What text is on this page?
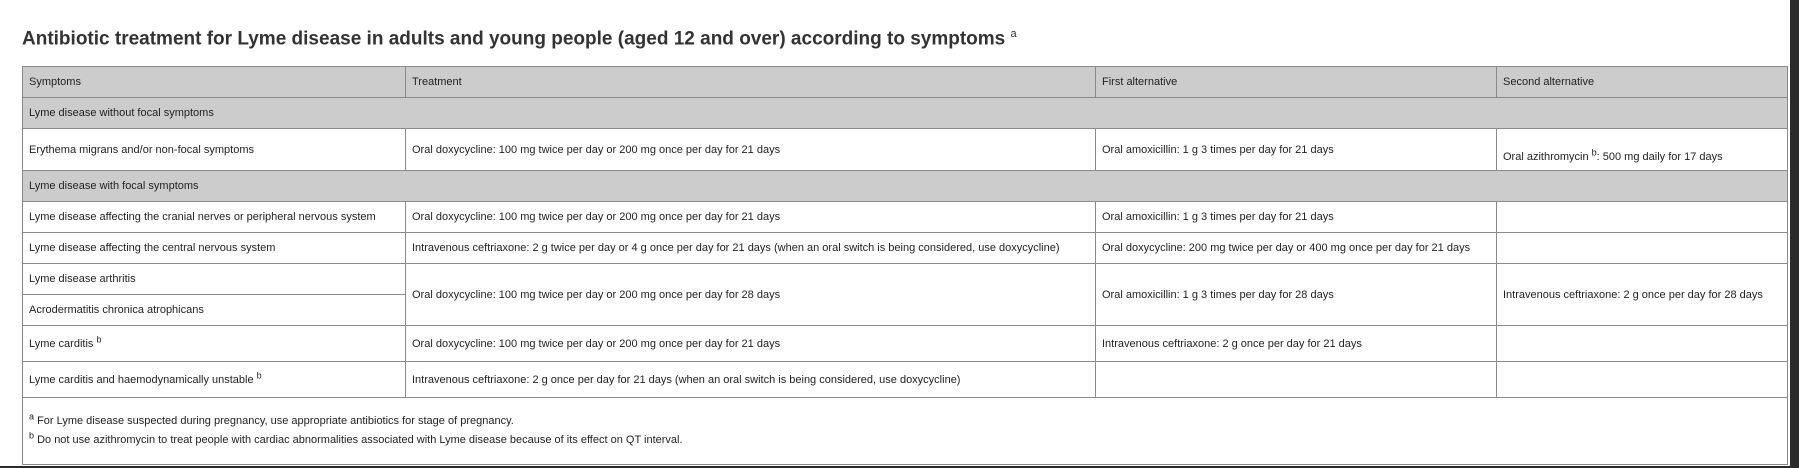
Antibiotic treatment for Lyme disease in adults and young people (aged 12 and over) according to symptoms $^a$
Symptoms	Treatment	First alternative	Second alternative
Lyme disease without focal symptoms			
Erythema migrans and/or non-focal symptoms	Oral doxycycline: 100 mg twice per day or 200 mg once per day for 21 days	Oral amoxicillin: 1 g 3 times per day for 21 days	Oral azithromycin $^b$: 500 mg daily for 17 days
Lyme disease with focal symptoms			
Lyme disease affecting the cranial nerves or peripheral nervous system	Oral doxycycline: 100 mg twice per day or 200 mg once per day for 21 days	Oral amoxicillin: 1 g 3 times per day for 21 days	
Lyme disease affecting the central nervous system	Intravenous ceftriaxone: 2 g twice per day or 4 g once per day for 21 days (when an oral switch is being considered, use doxycycline)	Oral doxycycline: 200 mg twice per day or 400 mg once per day for 21 days	
Lyme disease arthritis	Oral doxycycline: 100 mg twice per day or 200 mg once per day for 28 days	Oral amoxicillin: 1 g 3 times per day for 28 days	Intravenous ceftriaxone: 2 g once per day for 28 days
Acrodermatitis chronica atrophicans			
Lyme carditis $^b$	Oral doxycycline: 100 mg twice per day or 200 mg once per day for 21 days	Intravenous ceftriaxone: 2 g once per day for 21 days	
Lyme carditis and haemodynamically unstable $^b$	Intravenous ceftriaxone: 2 g once per day for 21 days (when an oral switch is being considered, use doxycycline)		

$^a$ For Lyme disease suspected during pregnancy, use appropriate antibiotics for stage of pregnancy.
$^b$ Do not use azithromycin to treat people with cardiac abnormalities associated with Lyme disease because of its effect on QT interval.			
